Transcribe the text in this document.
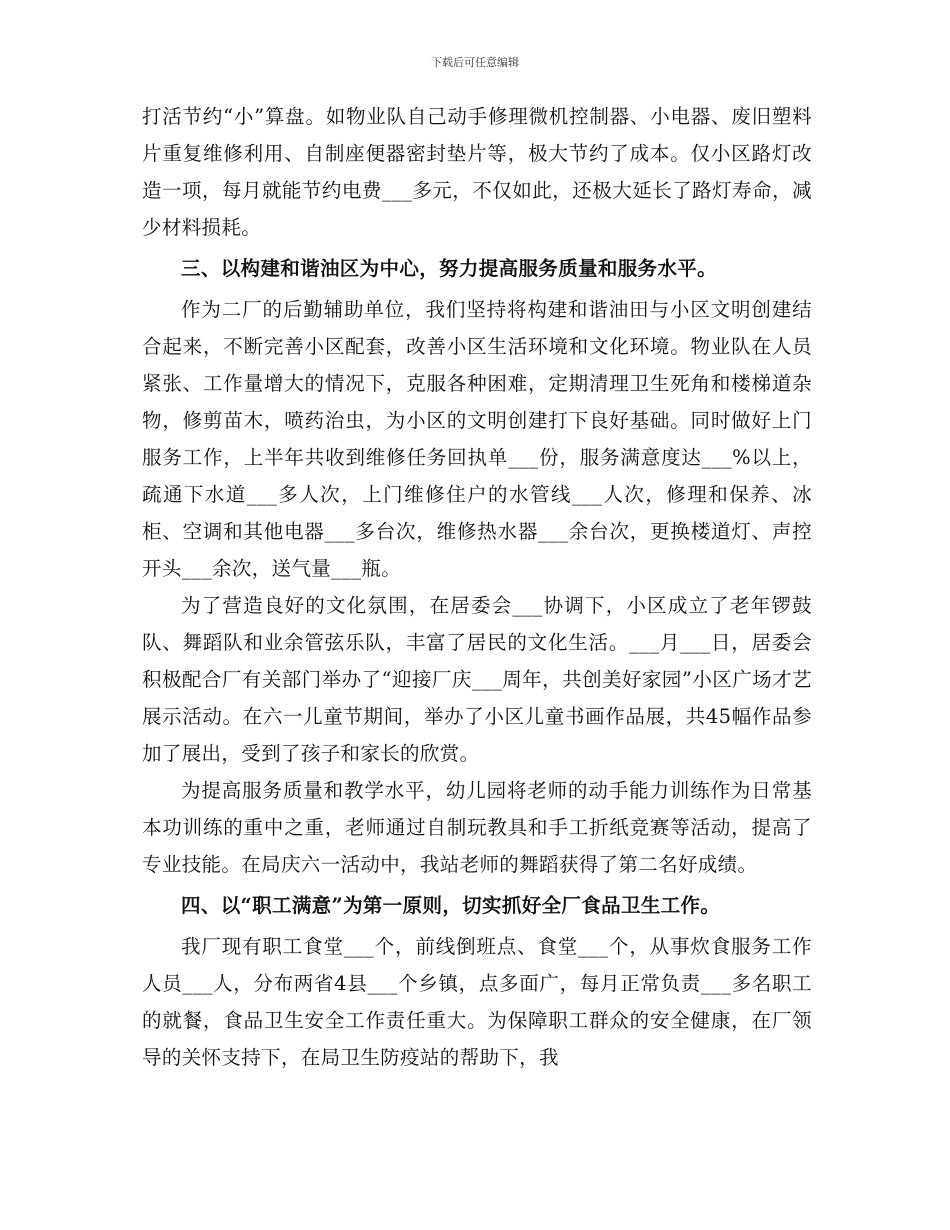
下载后可任意编辑

打活节约“小”算盘。如物业队自己动手修理微机控制器、小电器、废旧塑料片重复维修利用、自制座便器密封垫片等，极大节约了成本。仅小区路灯改造一项，每月就能节约电费___多元，不仅如此，还极大延长了路灯寿命，减少材料损耗。

三、以构建和谐油区为中心，努力提高服务质量和服务水平。

作为二厂的后勤辅助单位，我们坚持将构建和谐油田与小区文明创建结合起来，不断完善小区配套，改善小区生活环境和文化环境。物业队在人员紧张、工作量增大的情况下，克服各种困难，定期清理卫生死角和楼梯道杂物，修剪苗木，喷药治虫，为小区的文明创建打下良好基础。同时做好上门服务工作，上半年共收到维修任务回执单___份，服务满意度达___%以上，疏通下水道___多人次，上门维修住户的水管线___人次，修理和保养、冰柜、空调和其他电器___多台次，维修热水器___余台次，更换楼道灯、声控开头___余次，送气量___瓶。

为了营造良好的文化氛围，在居委会___协调下，小区成立了老年锣鼓队、舞蹈队和业余管弦乐队，丰富了居民的文化生活。___月___日，居委会积极配合厂有关部门举办了“迎接厂庆___周年，共创美好家园”小区广场才艺展示活动。在六一儿童节期间，举办了小区儿童书画作品展，共45幅作品参加了展出，受到了孩子和家长的欣赏。

为提高服务质量和教学水平，幼儿园将老师的动手能力训练作为日常基本功训练的重中之重，老师通过自制玩教具和手工折纸竞赛等活动，提高了专业技能。在局庆六一活动中，我站老师的舞蹈获得了第二名好成绩。

四、以“职工满意”为第一原则，切实抓好全厂食品卫生工作。

我厂现有职工食堂___个，前线倒班点、食堂___个，从事炊食服务工作人员___人，分布两省4县___个乡镇，点多面广，每月正常负责___多名职工的就餐，食品卫生安全工作责任重大。为保障职工群众的安全健康，在厂领导的关怀支持下，在局卫生防疫站的帮助下，我
